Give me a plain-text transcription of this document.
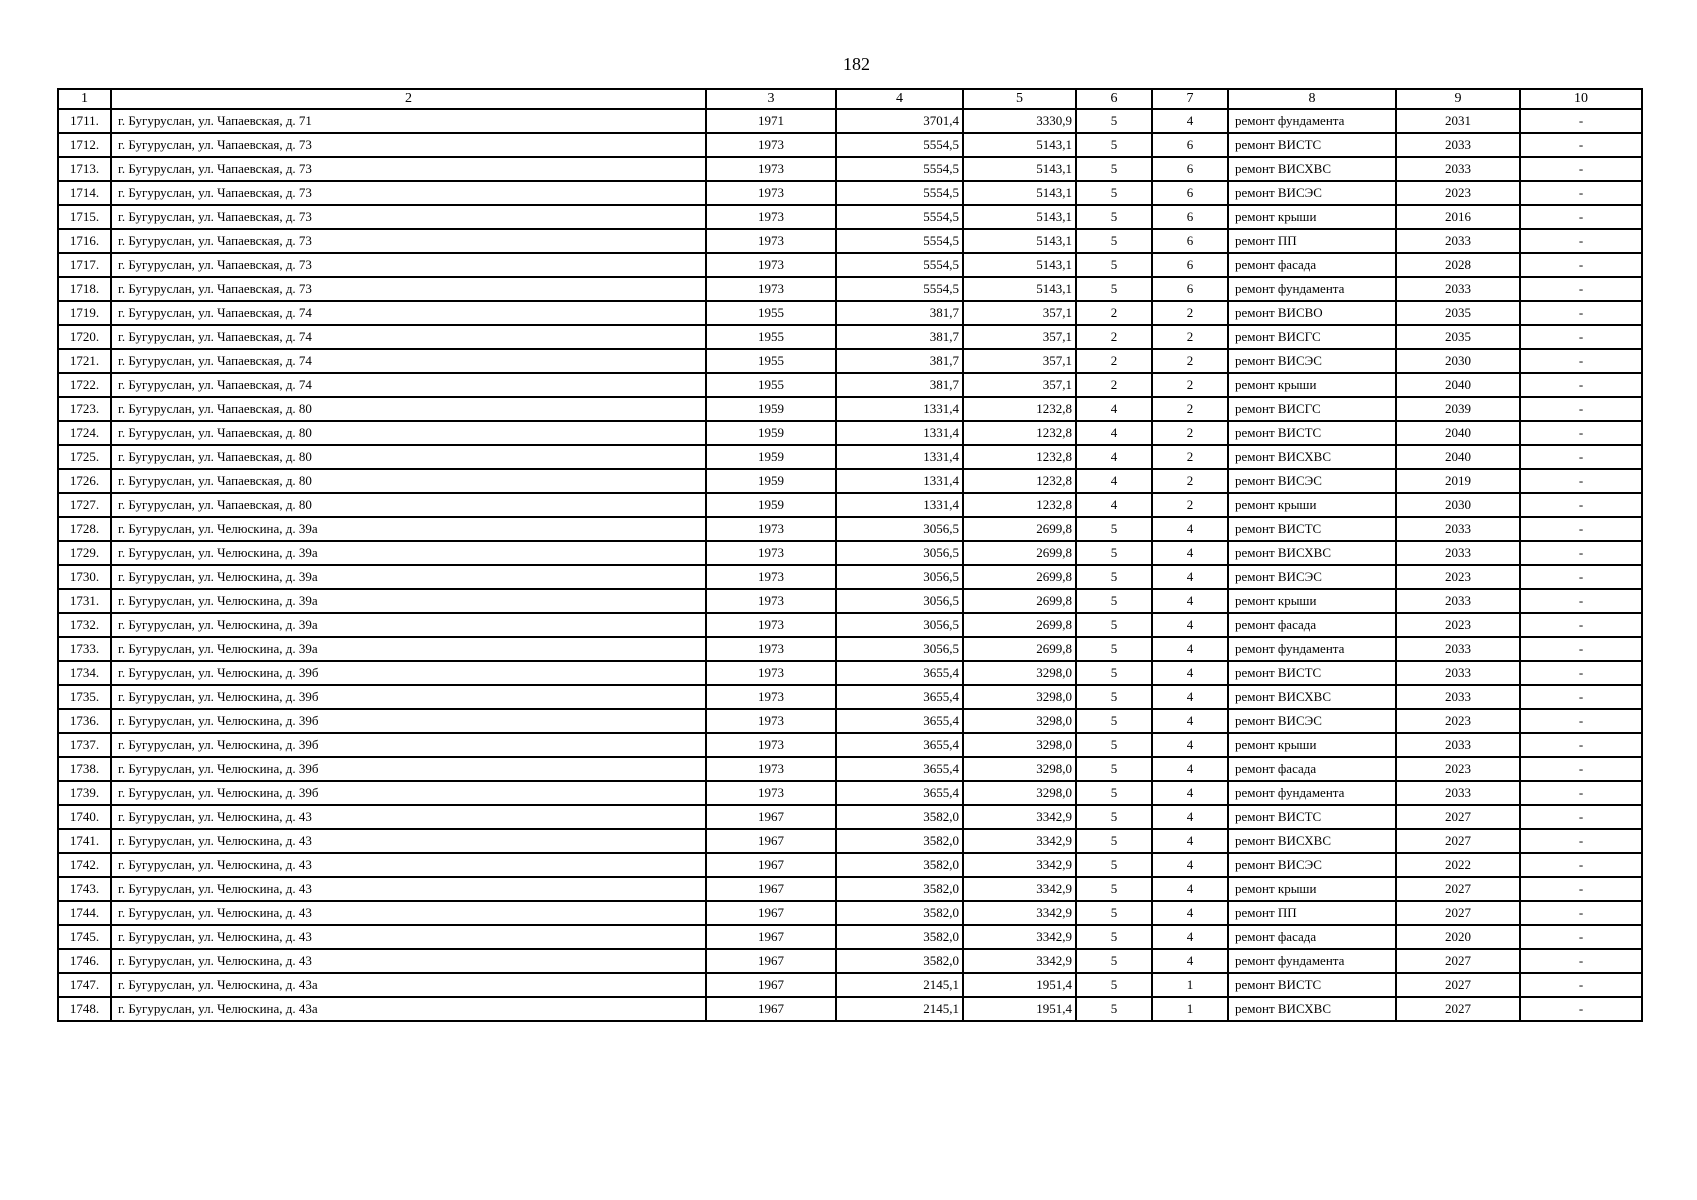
182
1	2	3	4	5	6	7	8	9	10
1711.	г. Бугуруслан, ул. Чапаевская, д. 71	1971	3701,4	3330,9	5	4	ремонт фундамента	2031	-
1712.	г. Бугуруслан, ул. Чапаевская, д. 73	1973	5554,5	5143,1	5	6	ремонт ВИСТС	2033	-
1713.	г. Бугуруслан, ул. Чапаевская, д. 73	1973	5554,5	5143,1	5	6	ремонт ВИСХВС	2033	-
1714.	г. Бугуруслан, ул. Чапаевская, д. 73	1973	5554,5	5143,1	5	6	ремонт ВИСЭС	2023	-
1715.	г. Бугуруслан, ул. Чапаевская, д. 73	1973	5554,5	5143,1	5	6	ремонт крыши	2016	-
1716.	г. Бугуруслан, ул. Чапаевская, д. 73	1973	5554,5	5143,1	5	6	ремонт ПП	2033	-
1717.	г. Бугуруслан, ул. Чапаевская, д. 73	1973	5554,5	5143,1	5	6	ремонт фасада	2028	-
1718.	г. Бугуруслан, ул. Чапаевская, д. 73	1973	5554,5	5143,1	5	6	ремонт фундамента	2033	-
1719.	г. Бугуруслан, ул. Чапаевская, д. 74	1955	381,7	357,1	2	2	ремонт ВИСВО	2035	-
1720.	г. Бугуруслан, ул. Чапаевская, д. 74	1955	381,7	357,1	2	2	ремонт ВИСГС	2035	-
1721.	г. Бугуруслан, ул. Чапаевская, д. 74	1955	381,7	357,1	2	2	ремонт ВИСЭС	2030	-
1722.	г. Бугуруслан, ул. Чапаевская, д. 74	1955	381,7	357,1	2	2	ремонт крыши	2040	-
1723.	г. Бугуруслан, ул. Чапаевская, д. 80	1959	1331,4	1232,8	4	2	ремонт ВИСГС	2039	-
1724.	г. Бугуруслан, ул. Чапаевская, д. 80	1959	1331,4	1232,8	4	2	ремонт ВИСТС	2040	-
1725.	г. Бугуруслан, ул. Чапаевская, д. 80	1959	1331,4	1232,8	4	2	ремонт ВИСХВС	2040	-
1726.	г. Бугуруслан, ул. Чапаевская, д. 80	1959	1331,4	1232,8	4	2	ремонт ВИСЭС	2019	-
1727.	г. Бугуруслан, ул. Чапаевская, д. 80	1959	1331,4	1232,8	4	2	ремонт крыши	2030	-
1728.	г. Бугуруслан, ул. Челюскина, д. 39а	1973	3056,5	2699,8	5	4	ремонт ВИСТС	2033	-
1729.	г. Бугуруслан, ул. Челюскина, д. 39а	1973	3056,5	2699,8	5	4	ремонт ВИСХВС	2033	-
1730.	г. Бугуруслан, ул. Челюскина, д. 39а	1973	3056,5	2699,8	5	4	ремонт ВИСЭС	2023	-
1731.	г. Бугуруслан, ул. Челюскина, д. 39а	1973	3056,5	2699,8	5	4	ремонт крыши	2033	-
1732.	г. Бугуруслан, ул. Челюскина, д. 39а	1973	3056,5	2699,8	5	4	ремонт фасада	2023	-
1733.	г. Бугуруслан, ул. Челюскина, д. 39а	1973	3056,5	2699,8	5	4	ремонт фундамента	2033	-
1734.	г. Бугуруслан, ул. Челюскина, д. 39б	1973	3655,4	3298,0	5	4	ремонт ВИСТС	2033	-
1735.	г. Бугуруслан, ул. Челюскина, д. 39б	1973	3655,4	3298,0	5	4	ремонт ВИСХВС	2033	-
1736.	г. Бугуруслан, ул. Челюскина, д. 39б	1973	3655,4	3298,0	5	4	ремонт ВИСЭС	2023	-
1737.	г. Бугуруслан, ул. Челюскина, д. 39б	1973	3655,4	3298,0	5	4	ремонт крыши	2033	-
1738.	г. Бугуруслан, ул. Челюскина, д. 39б	1973	3655,4	3298,0	5	4	ремонт фасада	2023	-
1739.	г. Бугуруслан, ул. Челюскина, д. 39б	1973	3655,4	3298,0	5	4	ремонт фундамента	2033	-
1740.	г. Бугуруслан, ул. Челюскина, д. 43	1967	3582,0	3342,9	5	4	ремонт ВИСТС	2027	-
1741.	г. Бугуруслан, ул. Челюскина, д. 43	1967	3582,0	3342,9	5	4	ремонт ВИСХВС	2027	-
1742.	г. Бугуруслан, ул. Челюскина, д. 43	1967	3582,0	3342,9	5	4	ремонт ВИСЭС	2022	-
1743.	г. Бугуруслан, ул. Челюскина, д. 43	1967	3582,0	3342,9	5	4	ремонт крыши	2027	-
1744.	г. Бугуруслан, ул. Челюскина, д. 43	1967	3582,0	3342,9	5	4	ремонт ПП	2027	-
1745.	г. Бугуруслан, ул. Челюскина, д. 43	1967	3582,0	3342,9	5	4	ремонт фасада	2020	-
1746.	г. Бугуруслан, ул. Челюскина, д. 43	1967	3582,0	3342,9	5	4	ремонт фундамента	2027	-
1747.	г. Бугуруслан, ул. Челюскина, д. 43а	1967	2145,1	1951,4	5	1	ремонт ВИСТС	2027	-
1748.	г. Бугуруслан, ул. Челюскина, д. 43а	1967	2145,1	1951,4	5	1	ремонт ВИСХВС	2027	-
